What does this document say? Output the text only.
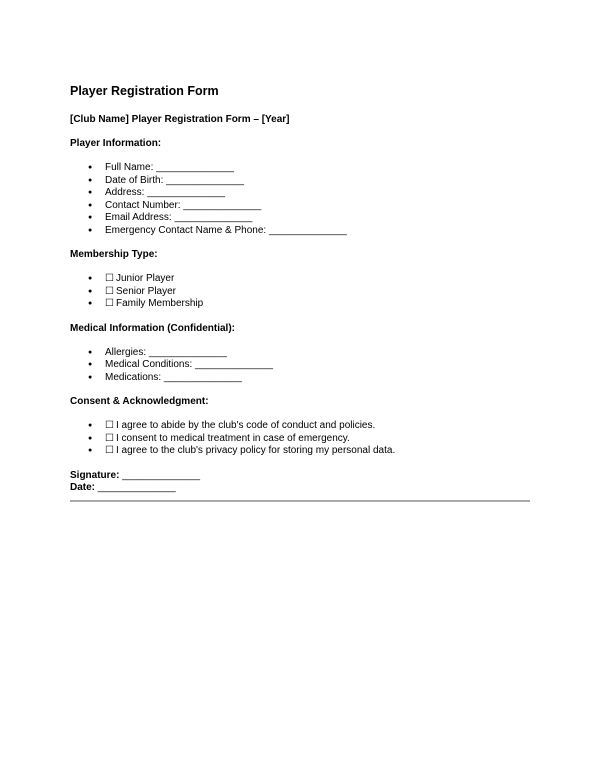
Player Registration Form
[Club Name] Player Registration Form – [Year]
Player Information:
● Full Name: ______________
● Date of Birth: ______________
● Address: ______________
● Contact Number: ______________
● Email Address: ______________
● Emergency Contact Name & Phone: ______________
Membership Type:
● ☐ Junior Player
● ☐ Senior Player
● ☐ Family Membership
Medical Information (Confidential):
● Allergies: ______________
● Medical Conditions: ______________
● Medications: ______________
Consent & Acknowledgment:
● ☐ I agree to abide by the club's code of conduct and policies.
● ☐ I consent to medical treatment in case of emergency.
● ☐ I agree to the club's privacy policy for storing my personal data.
Signature: ______________
Date: ______________
